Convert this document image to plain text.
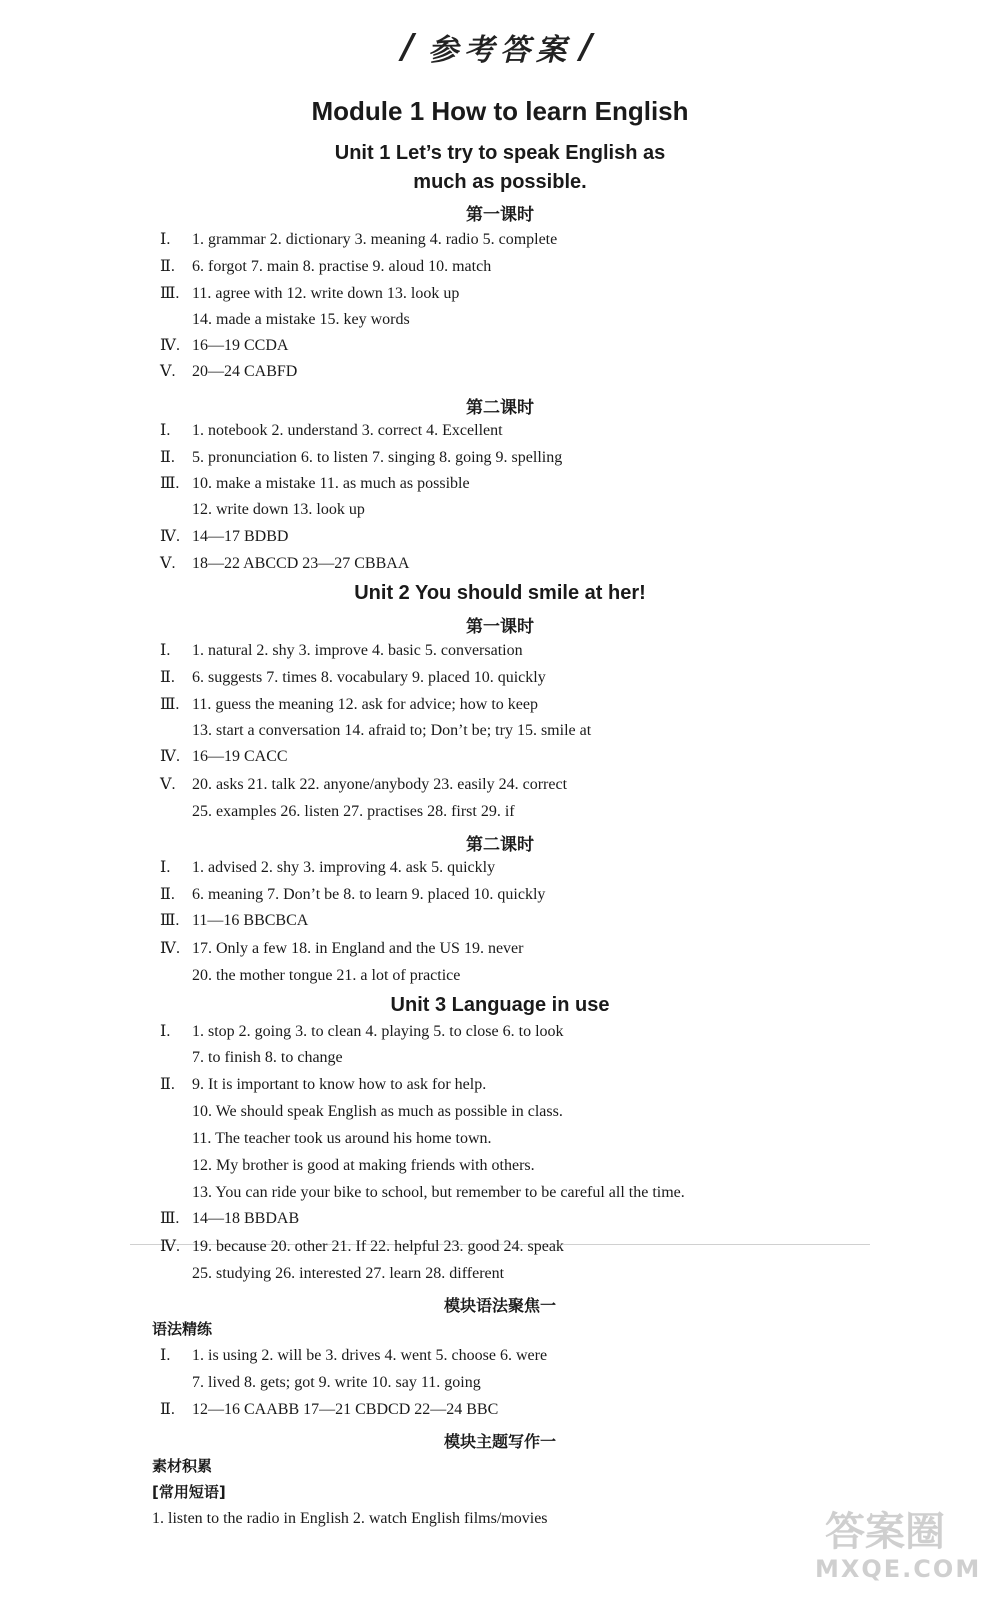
/ 参考答案 /
Module 1 How to learn English
Unit 1 Let’s try to speak English as
much as possible.
第一课时
Ⅰ. 1. grammar 2. dictionary 3. meaning 4. radio 5. complete
Ⅱ. 6. forgot 7. main 8. practise 9. aloud 10. match
Ⅲ. 11. agree with 12. write down 13. look up
14. made a mistake 15. key words
Ⅳ. 16—19 CCDA
Ⅴ. 20—24 CABFD
第二课时
Ⅰ. 1. notebook 2. understand 3. correct 4. Excellent
Ⅱ. 5. pronunciation 6. to listen 7. singing 8. going 9. spelling
Ⅲ. 10. make a mistake 11. as much as possible
12. write down 13. look up
Ⅳ. 14—17 BDBD
Ⅴ. 18—22 ABCCD 23—27 CBBAA
Unit 2 You should smile at her!
第一课时
Ⅰ. 1. natural 2. shy 3. improve 4. basic 5. conversation
Ⅱ. 6. suggests 7. times 8. vocabulary 9. placed 10. quickly
Ⅲ. 11. guess the meaning 12. ask for advice; how to keep
13. start a conversation 14. afraid to; Don’t be; try 15. smile at
Ⅳ. 16—19 CACC
Ⅴ. 20. asks 21. talk 22. anyone/anybody 23. easily 24. correct
25. examples 26. listen 27. practises 28. first 29. if
第二课时
Ⅰ. 1. advised 2. shy 3. improving 4. ask 5. quickly
Ⅱ. 6. meaning 7. Don’t be 8. to learn 9. placed 10. quickly
Ⅲ. 11—16 BBCBCA
Ⅳ. 17. Only a few 18. in England and the US 19. never
20. the mother tongue 21. a lot of practice
Unit 3 Language in use
Ⅰ. 1. stop 2. going 3. to clean 4. playing 5. to close 6. to look
7. to finish 8. to change
Ⅱ. 9. It is important to know how to ask for help.
10. We should speak English as much as possible in class.
11. The teacher took us around his home town.
12. My brother is good at making friends with others.
13. You can ride your bike to school, but remember to be careful all the time.
Ⅲ. 14—18 BBDAB
Ⅳ. 19. because 20. other 21. If 22. helpful 23. good 24. speak
25. studying 26. interested 27. learn 28. different
模块语法聚焦一
语法精练
Ⅰ. 1. is using 2. will be 3. drives 4. went 5. choose 6. were
7. lived 8. gets; got 9. write 10. say 11. going
Ⅱ. 12—16 CAABB 17—21 CBDCD 22—24 BBC
模块主题写作一
素材积累
[常用短语]
1. listen to the radio in English 2. watch English films/movies	答案圈
MXQE.COM
